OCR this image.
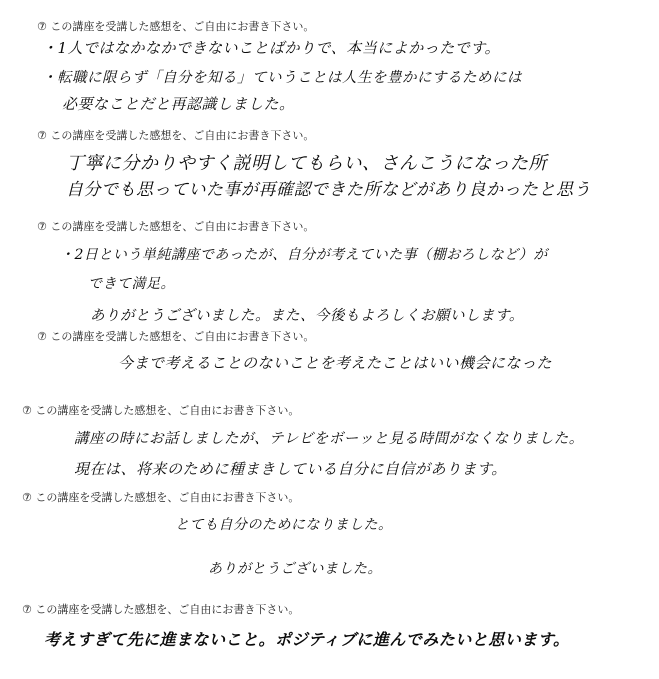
⑦ この講座を受講した感想を、ご自由にお書き下さい。
・1人ではなかなかできないことばかりで、本当によかったです。
・転職に限らず「自分を知る」ていうことは人生を豊かにするためには
必要なことだと再認識しました。
⑦ この講座を受講した感想を、ご自由にお書き下さい。
丁寧に分かりやすく説明してもらい、さんこうになった所
自分でも思っていた事が再確認できた所などがあり良かったと思う
⑦ この講座を受講した感想を、ご自由にお書き下さい。
・2日という単純講座であったが、自分が考えていた事（棚おろしなど）が
できて満足。
ありがとうございました。また、今後もよろしくお願いします。
⑦ この講座を受講した感想を、ご自由にお書き下さい。
今まで考えることのないことを考えたことはいい機会になった
⑦ この講座を受講した感想を、ご自由にお書き下さい。
講座の時にお話しましたが、テレビをボーッと見る時間がなくなりました。
現在は、将来のために種まきしている自分に自信があります。
⑦ この講座を受講した感想を、ご自由にお書き下さい。
とても自分のためになりました。
ありがとうございました。
⑦ この講座を受講した感想を、ご自由にお書き下さい。
考えすぎて先に進まないこと。ポジティブに進んでみたいと思います。
